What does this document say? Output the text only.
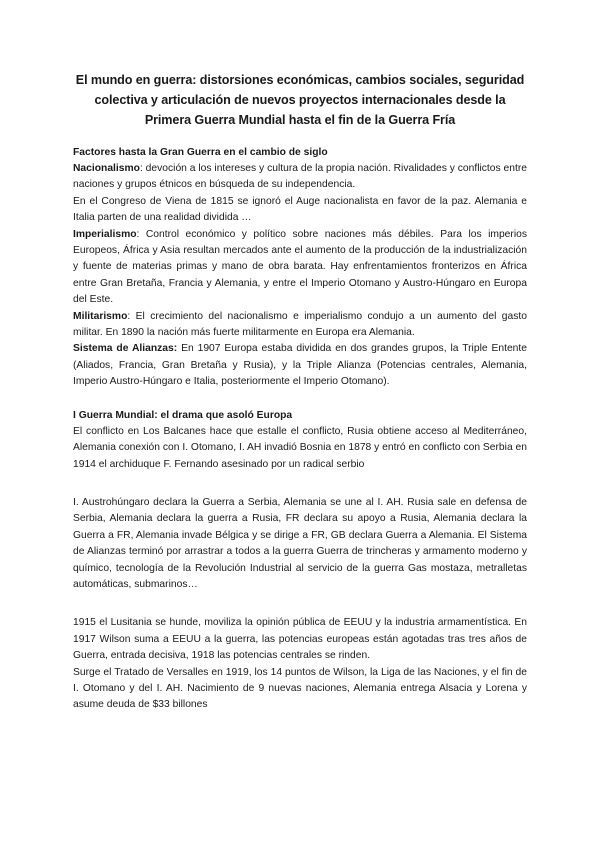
El mundo en guerra: distorsiones económicas, cambios sociales, seguridad colectiva y articulación de nuevos proyectos internacionales desde la Primera Guerra Mundial hasta el fin de la Guerra Fría
Factores hasta la Gran Guerra en el cambio de siglo

Nacionalismo: devoción a los intereses y cultura de la propia nación. Rivalidades y conflictos entre naciones y grupos étnicos en búsqueda de su independencia.

En el Congreso de Viena de 1815 se ignoró el Auge nacionalista en favor de la paz. Alemania e Italia parten de una realidad dividida …

Imperialismo: Control económico y político sobre naciones más débiles. Para los imperios Europeos, África y Asia resultan mercados ante el aumento de la producción de la industrialización y fuente de materias primas y mano de obra barata. Hay enfrentamientos fronterizos en África entre Gran Bretaña, Francia y Alemania, y entre el Imperio Otomano y Austro-Húngaro en Europa del Este.

Militarismo: El crecimiento del nacionalismo e imperialismo condujo a un aumento del gasto militar. En 1890 la nación más fuerte militarmente en Europa era Alemania.

Sistema de Alianzas: En 1907 Europa estaba dividida en dos grandes grupos, la Triple Entente (Aliados, Francia, Gran Bretaña y Rusia), y la Triple Alianza (Potencias centrales, Alemania, Imperio Austro-Húngaro e Italia, posteriormente el Imperio Otomano).

I Guerra Mundial: el drama que asoló Europa

El conflicto en Los Balcanes hace que estalle el conflicto, Rusia obtiene acceso al Mediterráneo, Alemania conexión con I. Otomano, I. AH invadió Bosnia en 1878 y entró en conflicto con Serbia en 1914 el archiduque F. Fernando asesinado por un radical serbio

I. Austrohúngaro declara la Guerra a Serbia, Alemania se une al I. AH. Rusia sale en defensa de Serbia, Alemania declara la guerra a Rusia, FR declara su apoyo a Rusia, Alemania declara la Guerra a FR, Alemania invade Bélgica y se dirige a FR, GB declara Guerra a Alemania. El Sistema de Alianzas terminó por arrastrar a todos a la guerra Guerra de trincheras y armamento moderno y químico, tecnología de la Revolución Industrial al servicio de la guerra Gas mostaza, metralletas automáticas, submarinos…

1915 el Lusitania se hunde, moviliza la opinión pública de EEUU y la industria armamentística. En 1917 Wilson suma a EEUU a la guerra, las potencias europeas están agotadas tras tres años de Guerra, entrada decisiva, 1918 las potencias centrales se rinden.

Surge el Tratado de Versalles en 1919, los 14 puntos de Wilson, la Liga de las Naciones, y el fin de I. Otomano y del I. AH. Nacimiento de 9 nuevas naciones, Alemania entrega Alsacia y Lorena y asume deuda de $33 billones
